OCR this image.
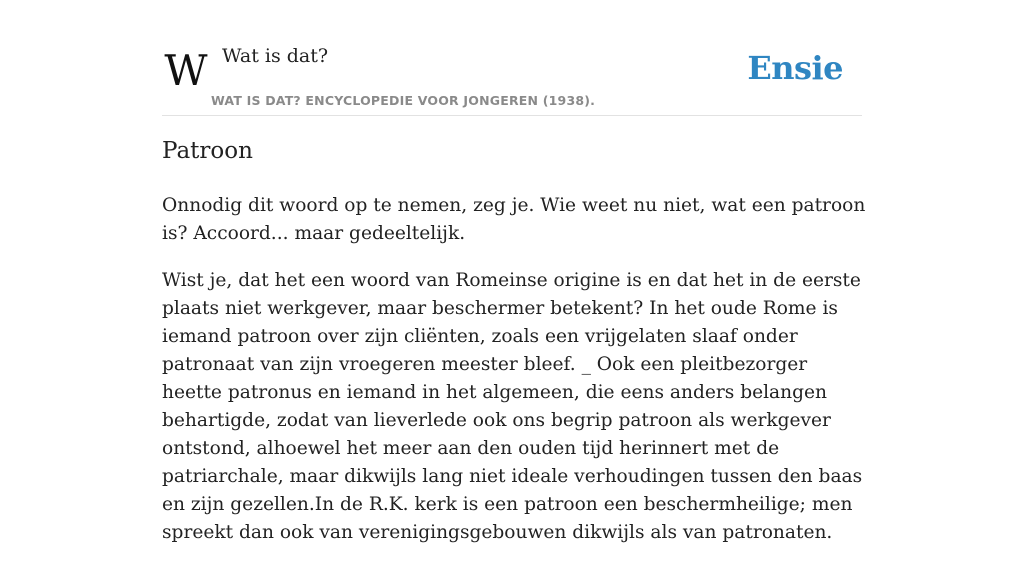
W Wat is dat?
WAT IS DAT? ENCYCLOPEDIE VOOR JONGEREN (1938).
Ensie
Patroon

Onnodig dit woord op te nemen, zeg je. Wie weet nu niet, wat een patroon is? Accoord... maar gedeeltelijk.

Wist je, dat het een woord van Romeinse origine is en dat het in de eerste plaats niet werkgever, maar beschermer betekent? In het oude Rome is iemand patroon over zijn cliënten, zoals een vrijgelaten slaaf onder patronaat van zijn vroegeren meester bleef. _ Ook een pleitbezorger heette patronus en iemand in het algemeen, die eens anders belangen behartigde, zodat van lieverlede ook ons begrip patroon als werkgever ontstond, alhoewel het meer aan den ouden tijd herinnert met de patriarchale, maar dikwijls lang niet ideale verhoudingen tussen den baas en zijn gezellen.In de R.K. kerk is een patroon een beschermheilige; men spreekt dan ook van verenigingsgebouwen dikwijls als van patronaten.
